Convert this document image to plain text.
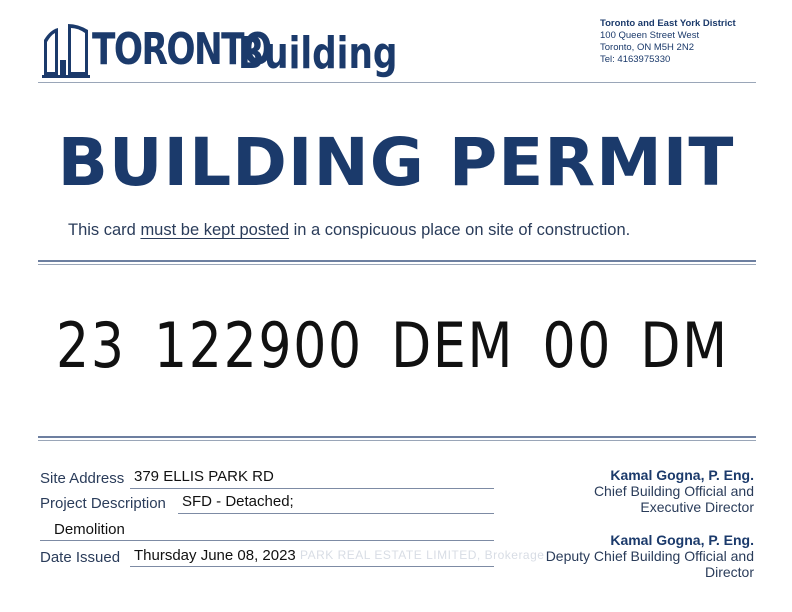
TORONTO
Building
Toronto and East York District
100 Queen Street West
Toronto, ON M5H 2N2
Tel: 4163975330
BUILDING PERMIT
This card must be kept posted in a conspicuous place on site of construction.
23 122900 DEM 00 DM
Site Address 379 ELLIS PARK RD
Project Description SFD - Detached;
Demolition
Date Issued Thursday June 08, 2023 PARK REAL ESTATE LIMITED, Brokerage
Kamal Gogna, P. Eng.
Chief Building Official and
Executive Director
Kamal Gogna, P. Eng.
Deputy Chief Building Official and
Director
